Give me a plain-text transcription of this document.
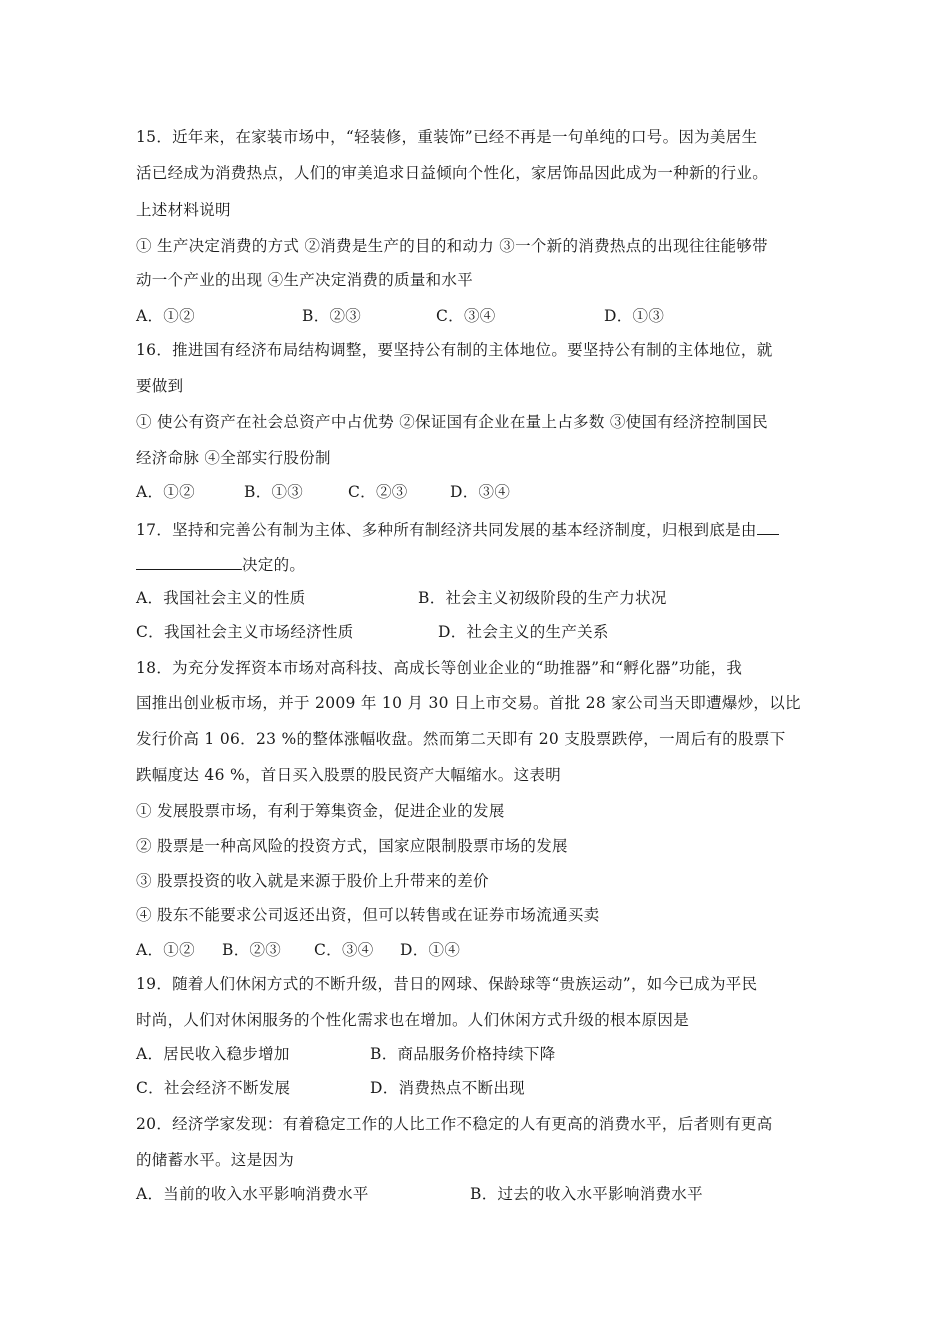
15．近年来，在家装市场中，“轻装修，重装饰”已经不再是一句单纯的口号。因为美居生
活已经成为消费热点，人们的审美追求日益倾向个性化，家居饰品因此成为一种新的行业。
上述材料说明
① 生产决定消费的方式 ②消费是生产的目的和动力 ③一个新的消费热点的出现往往能够带
动一个产业的出现 ④生产决定消费的质量和水平
A．①②	B．②③	C．③④	D．①③
16．推进国有经济布局结构调整，要坚持公有制的主体地位。要坚持公有制的主体地位，就
要做到
① 使公有资产在社会总资产中占优势 ②保证国有企业在量上占多数 ③使国有经济控制国民
经济命脉 ④全部实行股份制
A．①②	B．①③	C．②③	D．③④
17．坚持和完善公有制为主体、多种所有制经济共同发展的基本经济制度，归根到底是由
决定的。
A．我国社会主义的性质	B．社会主义初级阶段的生产力状况
C．我国社会主义市场经济性质	D．社会主义的生产关系
18．为充分发挥资本市场对高科技、高成长等创业企业的“助推器”和“孵化器”功能，我
国推出创业板市场，并于 2009 年 10 月 30 日上市交易。首批 28 家公司当天即遭爆炒，以比
发行价高 1 06．23 %的整体涨幅收盘。然而第二天即有 20 支股票跌停，一周后有的股票下
跌幅度达 46 %，首日买入股票的股民资产大幅缩水。这表明
① 发展股票市场，有利于筹集资金，促进企业的发展
② 股票是一种高风险的投资方式，国家应限制股票市场的发展
③ 股票投资的收入就是来源于股价上升带来的差价
④ 股东不能要求公司返还出资，但可以转售或在证券市场流通买卖
A．①② B．②③ C．③④ D．①④
19．随着人们休闲方式的不断升级，昔日的网球、保龄球等“贵族运动”，如今已成为平民
时尚，人们对休闲服务的个性化需求也在增加。人们休闲方式升级的根本原因是
A．居民收入稳步增加	B．商品服务价格持续下降
C．社会经济不断发展	D．消费热点不断出现
20．经济学家发现：有着稳定工作的人比工作不稳定的人有更高的消费水平，后者则有更高
的储蓄水平。这是因为
A．当前的收入水平影响消费水平	B．过去的收入水平影响消费水平
